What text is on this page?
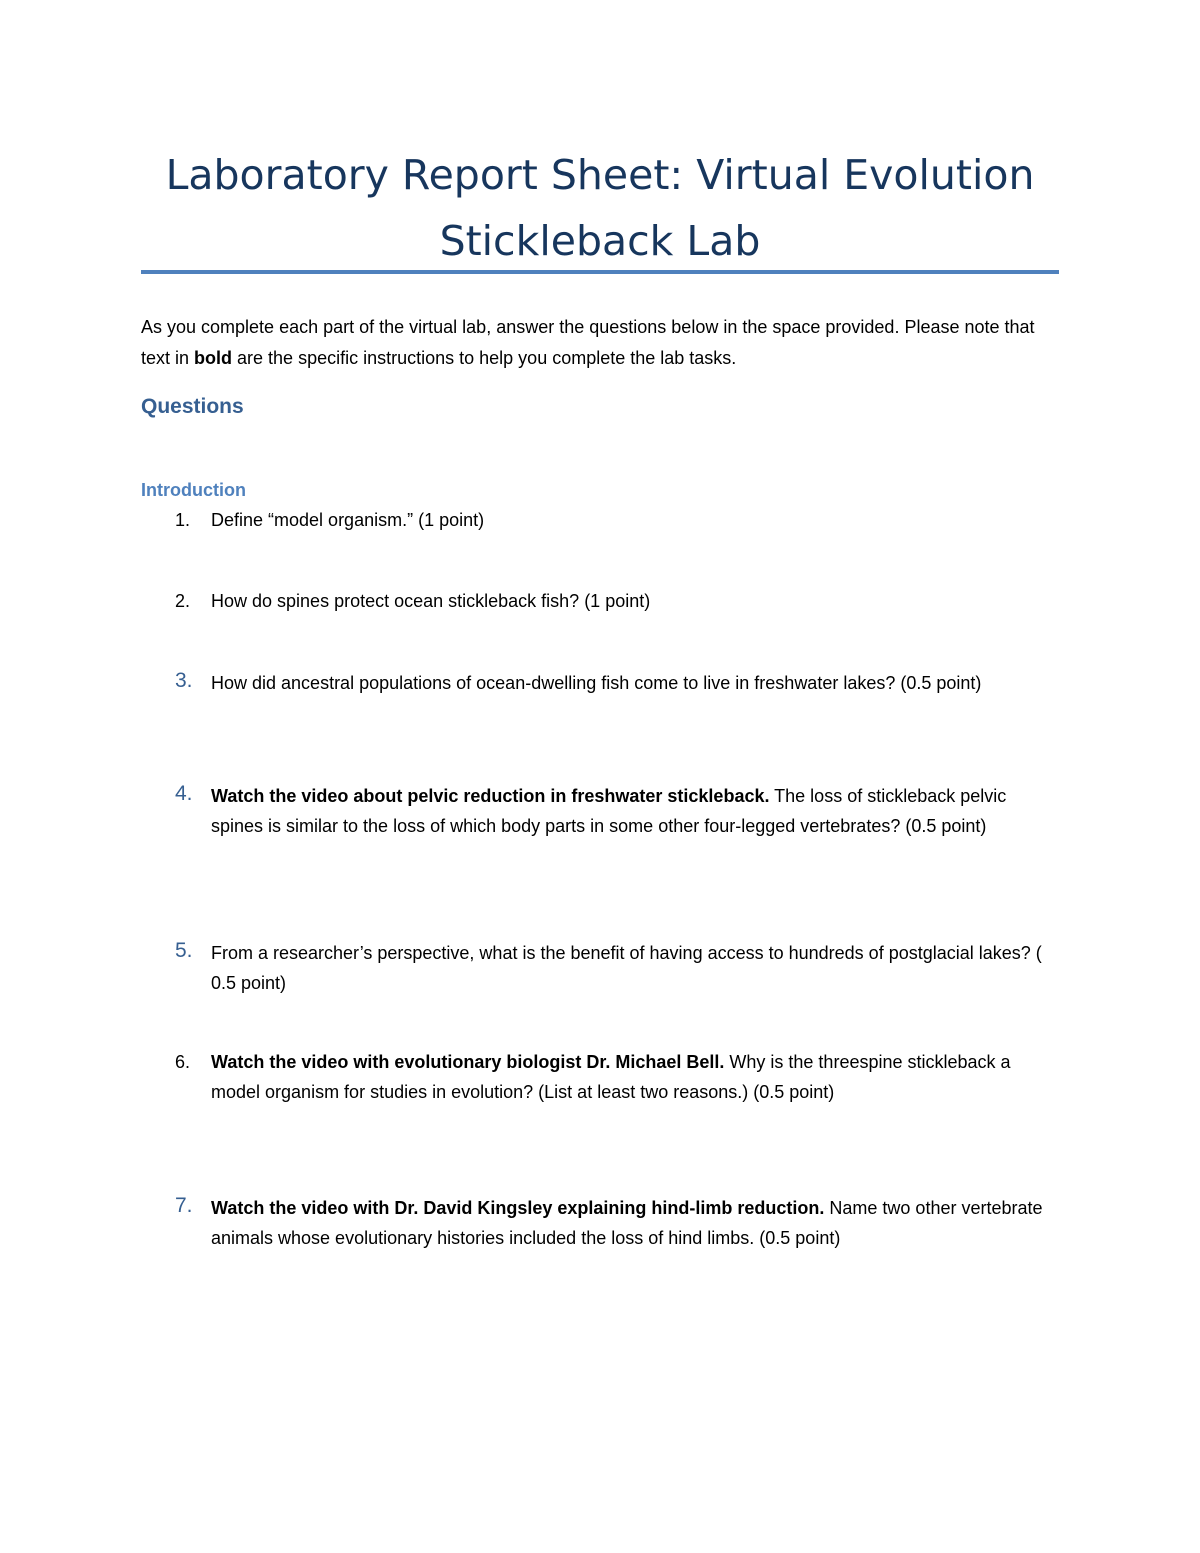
Laboratory Report Sheet: Virtual Evolution
Stickleback Lab

As you complete each part of the virtual lab, answer the questions below in the space provided. Please note that text in bold are the specific instructions to help you complete the lab tasks.

Questions
Introduction

1.	Define “model organism.” (1 point)

2.	How do spines protect ocean stickleback fish? (1 point)

3.	How did ancestral populations of ocean-dwelling fish come to live in freshwater lakes? (0.5 point)

4.	Watch the video about pelvic reduction in freshwater stickleback. The loss of stickleback pelvic spines is similar to the loss of which body parts in some other four-legged vertebrates? (0.5 point)

5.	From a researcher’s perspective, what is the benefit of having access to hundreds of postglacial lakes? ( 0.5 point)

6.	Watch the video with evolutionary biologist Dr. Michael Bell. Why is the threespine stickleback a model organism for studies in evolution? (List at least two reasons.) (0.5 point)

7.	Watch the video with Dr. David Kingsley explaining hind-limb reduction. Name two other vertebrate animals whose evolutionary histories included the loss of hind limbs. (0.5 point)
